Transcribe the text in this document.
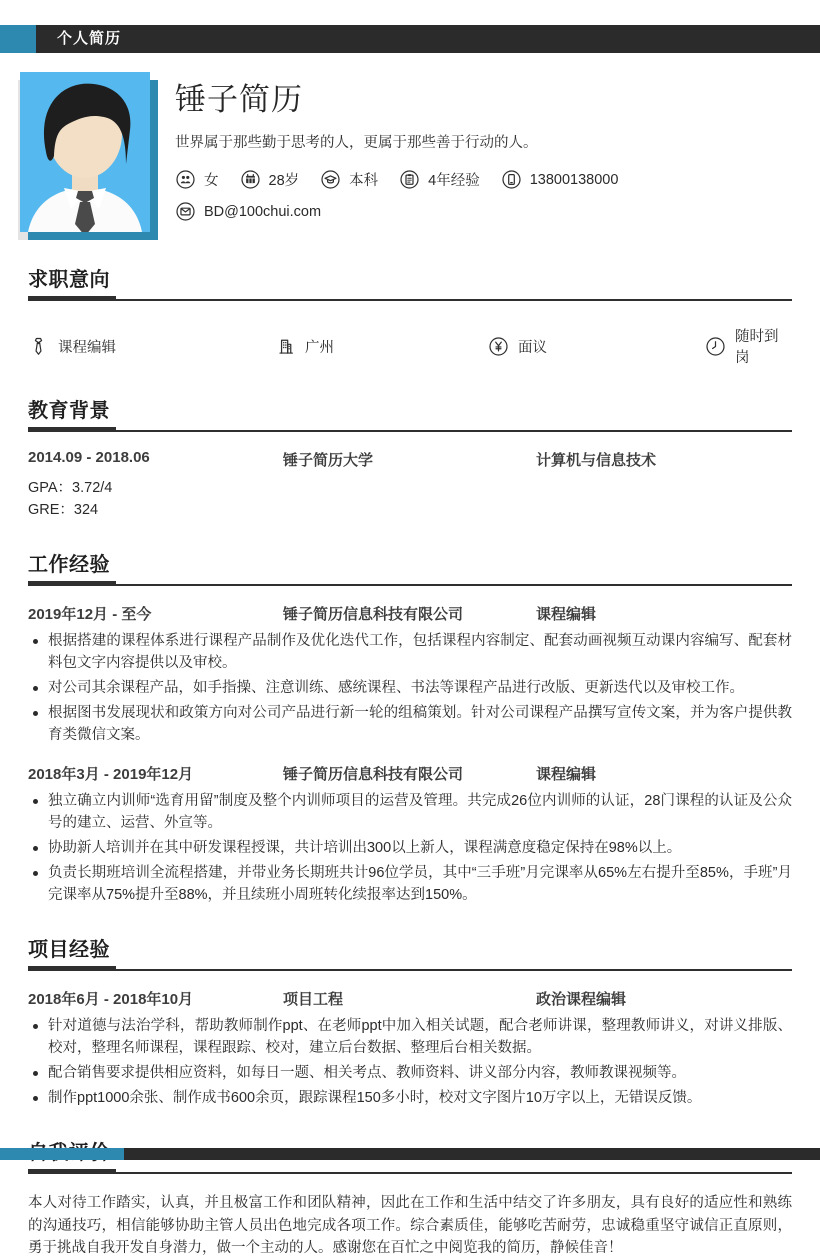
个人简历
锤子简历
世界属于那些勤于思考的人，更属于那些善于行动的人。
女	28岁	本科	4年经验	13800138000
BD@100chui.com
求职意向
课程编辑	广州	面议
随时到岗
教育背景
2014.09 - 2018.06	锤子简历大学	计算机与信息技术
GPA：3.72/4
GRE：324
工作经验
2019年12月 - 至今	锤子简历信息科技有限公司	课程编辑
根据搭建的课程体系进行课程产品制作及优化迭代工作，包括课程内容制定、配套动画视频互动课内容编写、配套材料包文字内容提供以及审校。
对公司其余课程产品，如手指操、注意训练、感统课程、书法等课程产品进行改版、更新迭代以及审校工作。
根据图书发展现状和政策方向对公司产品进行新一轮的组稿策划。针对公司课程产品撰写宣传文案，并为客户提供教育类微信文案。
2018年3月 - 2019年12月	锤子简历信息科技有限公司	课程编辑
独立确立内训师“选育用留”制度及整个内训师项目的运营及管理。共完成26位内训师的认证，28门课程的认证及公众号的建立、运营、外宣等。
协助新人培训并在其中研发课程授课，共计培训出300以上新人，课程满意度稳定保持在98%以上。
负责长期班培训全流程搭建，并带业务长期班共计96位学员，其中“三手班”月完课率从65%左右提升至85%，手班”月完课率从75%提升至88%，并且续班小周班转化续报率达到150%。
项目经验
2018年6月 - 2018年10月	项目工程	政治课程编辑
针对道德与法治学科，帮助教师制作ppt、在老师ppt中加入相关试题，配合老师讲课，整理教师讲义，对讲义排版、校对，整理名师课程，课程跟踪、校对，建立后台数据、整理后台相关数据。
配合销售要求提供相应资料，如每日一题、相关考点、教师资料、讲义部分内容，教师教课视频等。
制作ppt1000余张、制作成书600余页，跟踪课程150多小时，校对文字图片10万字以上，无错误反馈。

本人对待工作踏实，认真，并且极富工作和团队精神，因此在工作和生活中结交了许多朋友，具有良好的适应性和熟练的沟通技巧，相信能够协助主管人员出色地完成各项工作。综合素质佳，能够吃苦耐劳，忠诚稳重坚守诚信正直原则，勇于挑战自我开发自身潜力，做一个主动的人。感谢您在百忙之中阅览我的简历，静候佳音！
